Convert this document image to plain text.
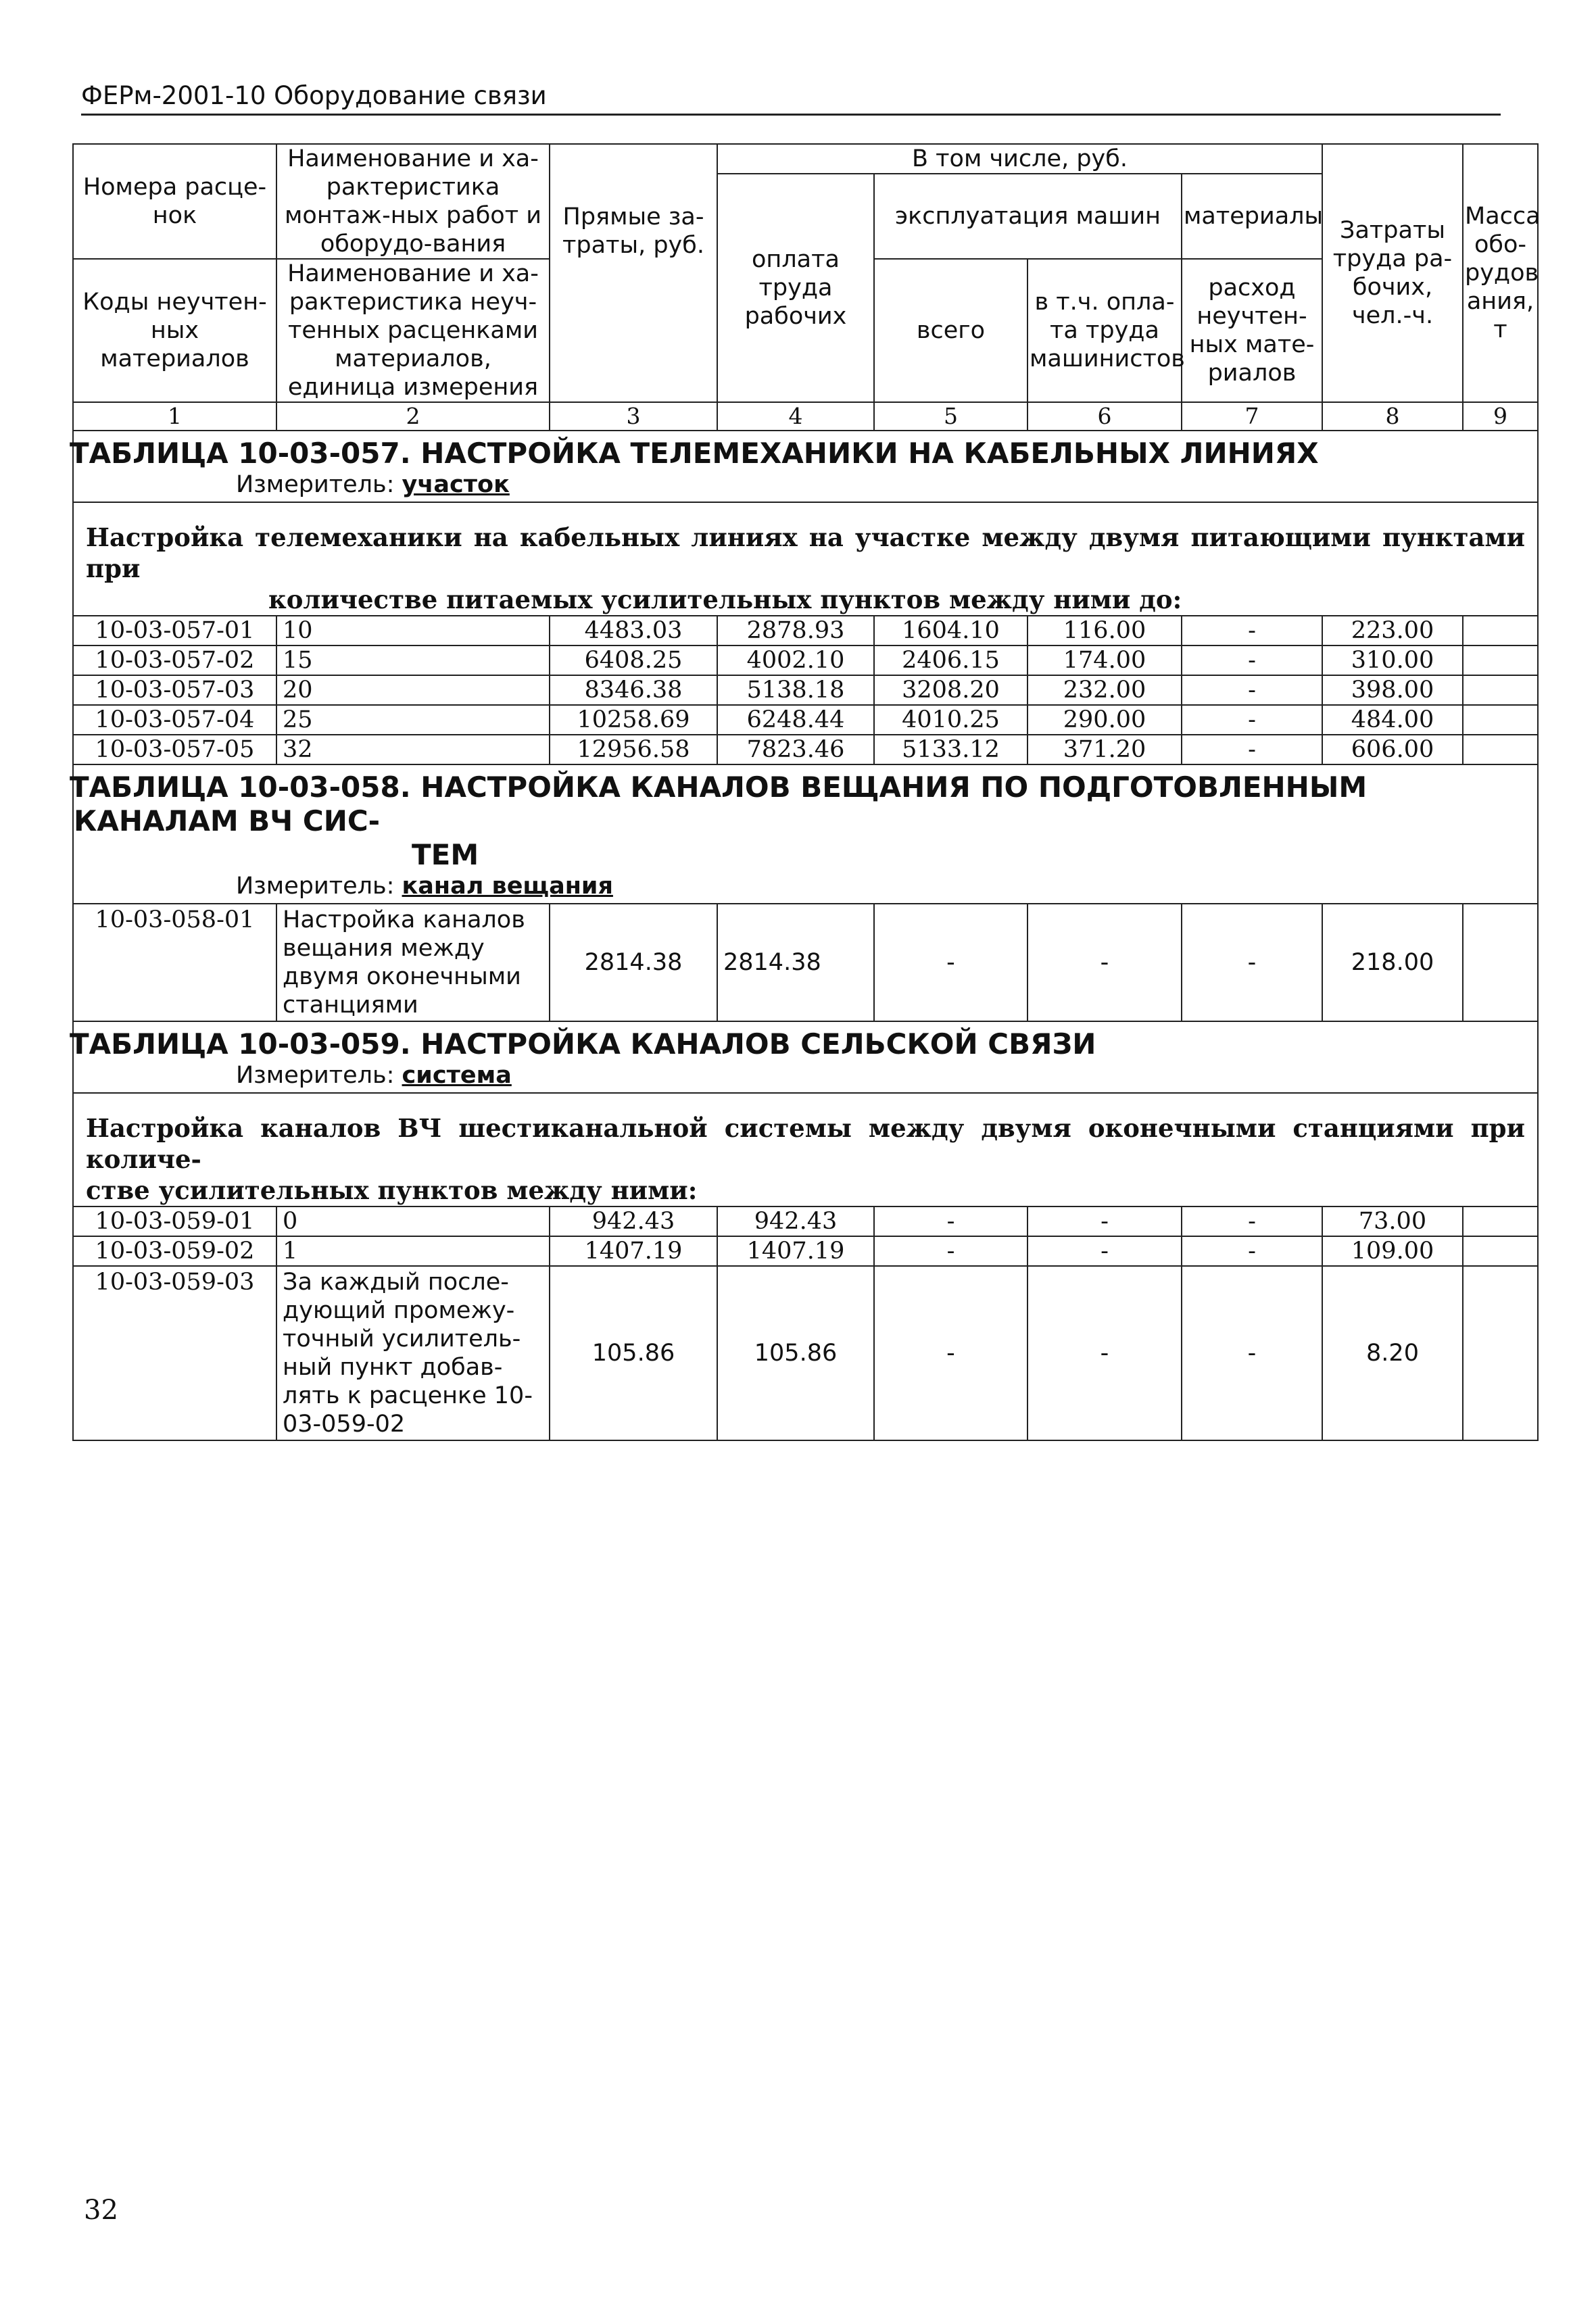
ФЕРм-2001-10 Оборудование связи
Номера расце-нок	Наименование и ха-рактеристика монтаж-ных работ и оборудо-вания	Прямые за-траты, руб.	В том числе, руб.				Затраты труда ра-бочих, чел.-ч.	Масса обо-рудов ания, т
			оплата труда рабочих	эксплуатация машин		материалы		
Коды неучтен-ных материалов	Наименование и ха-рактеристика неуч-тенных расценками материалов, единица измерения			всего	в т.ч. опла-та труда машинистов	расход неучтен-ных мате-риалов		

1	2	3	4	5	6	7	8	9
ТАБЛИЦА 10-03-057. НАСТРОЙКА ТЕЛЕМЕХАНИКИ НА КАБЕЛЬНЫХ ЛИНИЯХ								
Измеритель: участок								
Настройка телемеханики на кабельных линиях на участке между двумя питающими пунктами при
количестве питаемых усилительных пунктов между ними до:								

10-03-057-01	10	4483.03	2878.93	1604.10	116.00	-	223.00	
10-03-057-02	15	6408.25	4002.10	2406.15	174.00	-	310.00	
10-03-057-03	20	8346.38	5138.18	3208.20	232.00	-	398.00	
10-03-057-04	25	10258.69	6248.44	4010.25	290.00	-	484.00	
10-03-057-05	32	12956.58	7823.46	5133.12	371.20	-	606.00	
ТАБЛИЦА 10-03-058. НАСТРОЙКА КАНАЛОВ ВЕЩАНИЯ ПО ПОДГОТОВЛЕННЫМ КАНАЛАМ ВЧ СИС-
ТЕМ								

Измеритель: канал вещания								
10-03-058-01	Настройка каналов вещания между двумя оконечными станциями	2814.38	2814.38	-	-	-	218.00	
ТАБЛИЦА 10-03-059. НАСТРОЙКА КАНАЛОВ СЕЛЬСКОЙ СВЯЗИ								
Измеритель: система								
Настройка каналов ВЧ шестиканальной системы между двумя оконечными станциями при количе-
стве усилительных пунктов между ними:								

10-03-059-01	0	942.43	942.43	-	-	-	73.00	
10-03-059-02	1	1407.19	1407.19	-	-	-	109.00	
10-03-059-03	За каждый после-дующий промежу-точный усилитель-ный пункт добав-лять к расценке 10-03-059-02	105.86	105.86	-	-	-	8.20	
32
